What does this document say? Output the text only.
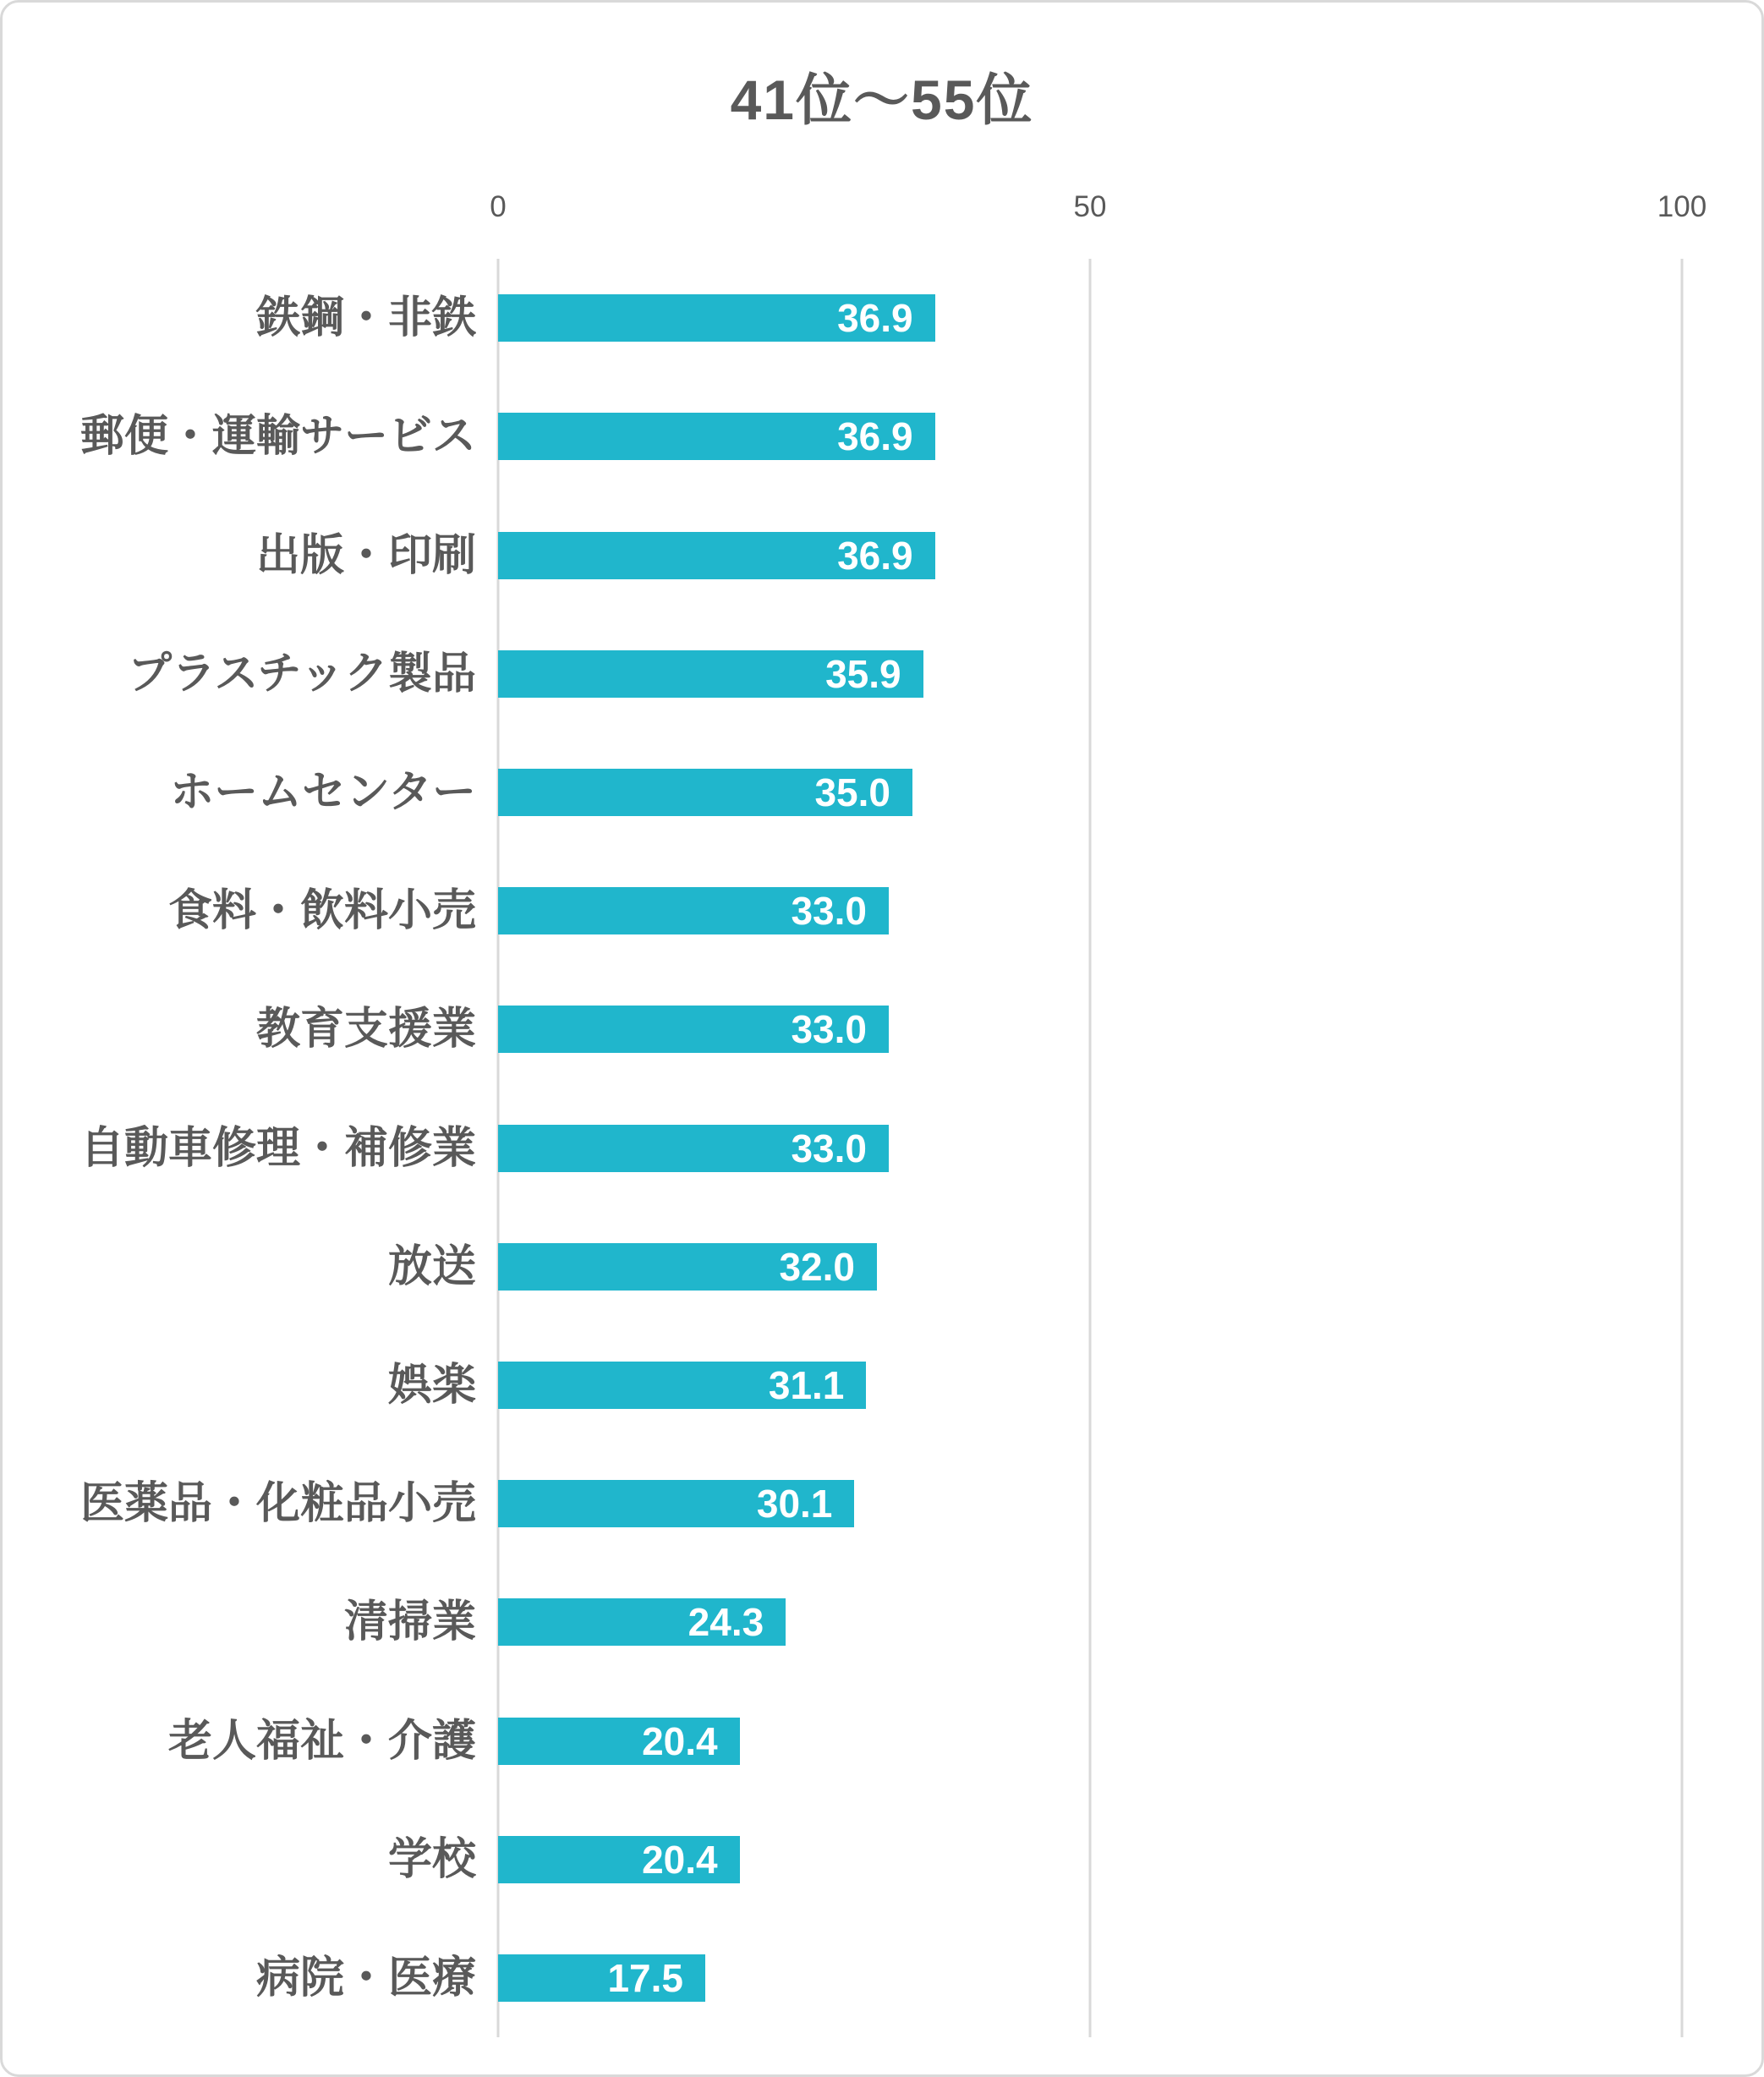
41位〜55位
0	50	100
鉄鋼・非鉄	36.9
郵便・運輸サービス	36.9
出版・印刷	36.9
プラスチック製品	35.9
ホームセンター	35.0
食料・飲料小売	33.0
教育支援業	33.0
自動車修理・補修業	33.0
放送	32.0
娯楽	31.1
医薬品・化粧品小売	30.1
清掃業	24.3
老人福祉・介護	20.4
学校	20.4
病院・医療	17.5
